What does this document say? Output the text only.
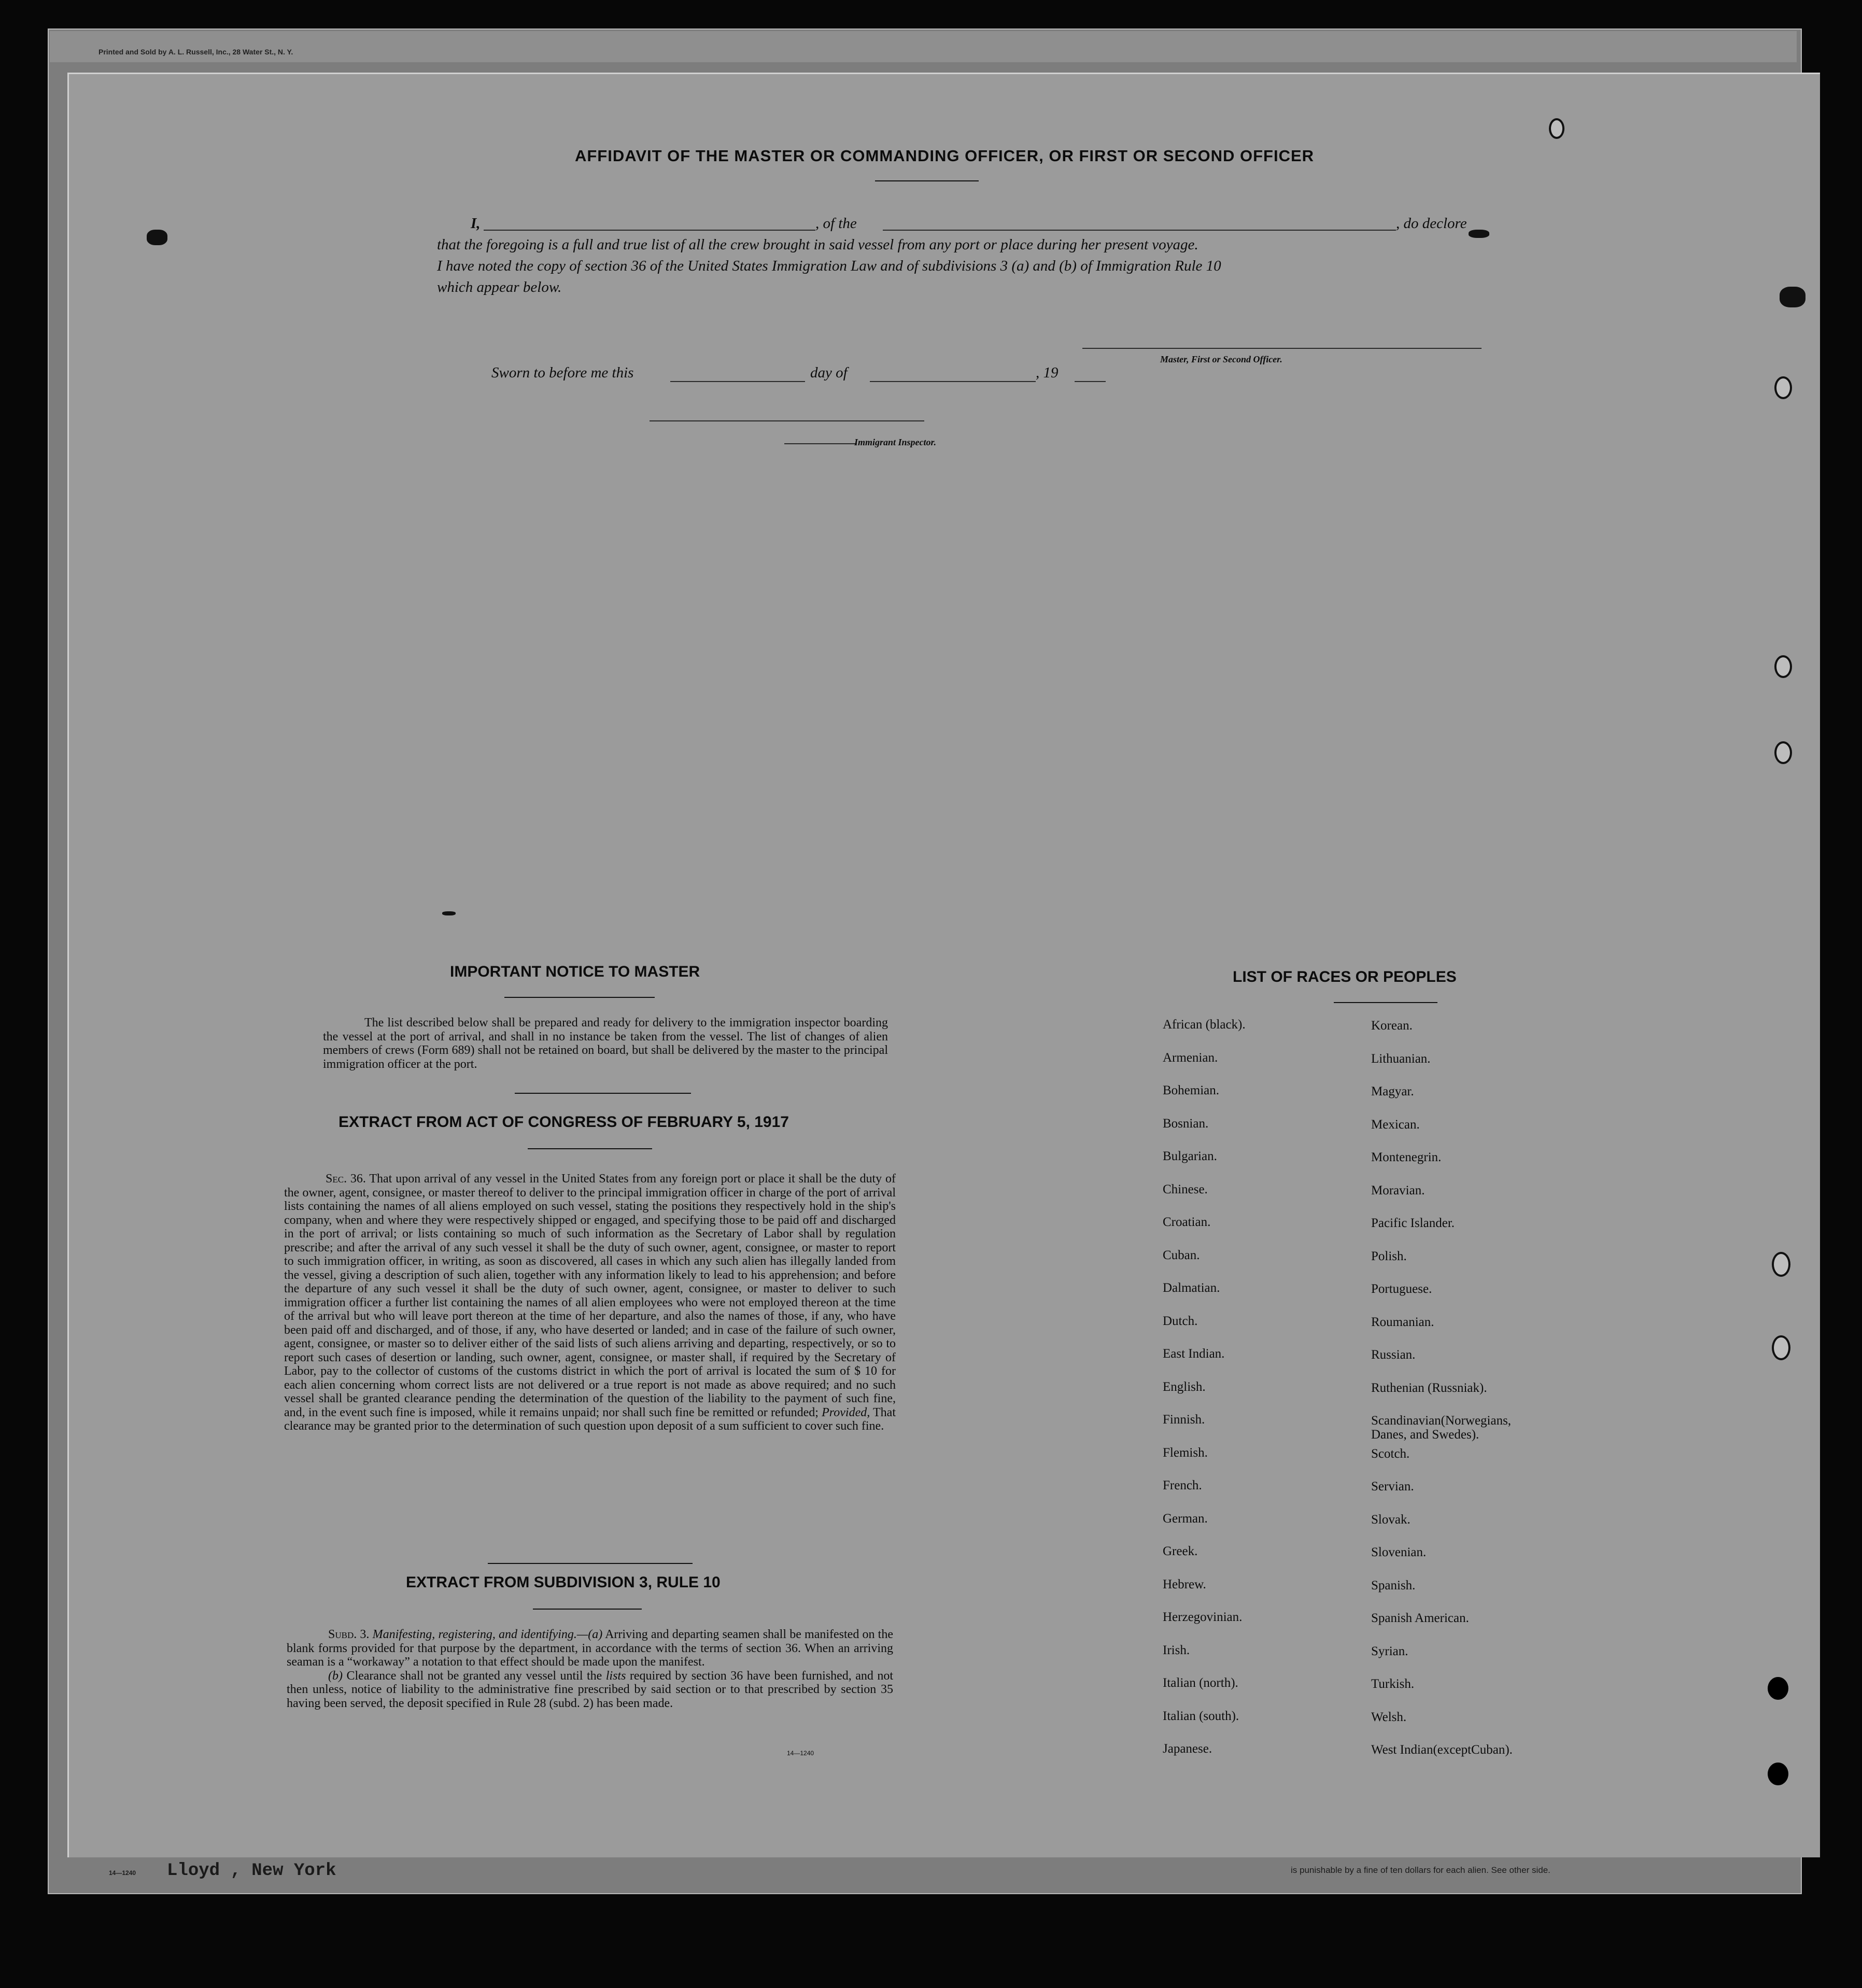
Printed and Sold by A. L. Russell, Inc., 28 Water St., N. Y.
AFFIDAVIT OF THE MASTER OR COMMANDING OFFICER, OR FIRST OR SECOND OFFICER
I,	, of the	, do declore
that the foregoing is a full and true list of all the crew brought in said vessel from any port or place during her present voyage.
I have noted the copy of section 36 of the United States Immigration Law and of subdivisions 3 (a) and (b) of Immigration Rule 10
which appear below.
Master, First or Second Officer.
Sworn to before me this	day of	, 19
Immigrant Inspector.
IMPORTANT NOTICE TO MASTER

The list described below shall be prepared and ready for delivery to the immigration inspector boarding the vessel at the port of arrival, and shall in no instance be taken from the vessel. The list of changes of alien members of crews (Form 689) shall not be retained on board, but shall be delivered by the master to the principal immigration officer at the port.

EXTRACT FROM ACT OF CONGRESS OF FEBRUARY 5, 1917

Sec. 36. That upon arrival of any vessel in the United States from any foreign port or place it shall be the duty of the owner, agent, consignee, or master thereof to deliver to the principal immigration officer in charge of the port of arrival lists containing the names of all aliens employed on such vessel, stating the positions they respectively hold in the ship's company, when and where they were respectively shipped or engaged, and specifying those to be paid off and discharged in the port of arrival; or lists containing so much of such information as the Secretary of Labor shall by regulation prescribe; and after the arrival of any such vessel it shall be the duty of such owner, agent, consignee, or master to report to such immigration officer, in writing, as soon as discovered, all cases in which any such alien has illegally landed from the vessel, giving a description of such alien, together with any information likely to lead to his apprehension; and before the departure of any such vessel it shall be the duty of such owner, agent, consignee, or master to deliver to such immigration officer a further list containing the names of all alien employees who were not employed thereon at the time of the arrival but who will leave port thereon at the time of her departure, and also the names of those, if any, who have been paid off and discharged, and of those, if any, who have deserted or landed; and in case of the failure of such owner, agent, consignee, or master so to deliver either of the said lists of such aliens arriving and departing, respectively, or so to report such cases of desertion or landing, such owner, agent, consignee, or master shall, if required by the Secretary of Labor, pay to the collector of customs of the customs district in which the port of arrival is located the sum of $ 10 for each alien concerning whom correct lists are not delivered or a true report is not made as above required; and no such vessel shall be granted clearance pending the determination of the question of the liability to the payment of such fine, and, in the event such fine is imposed, while it remains unpaid; nor shall such fine be remitted or refunded; Provided, That clearance may be granted prior to the determination of such question upon deposit of a sum sufficient to cover such fine.

EXTRACT FROM SUBDIVISION 3, RULE 10

Subd. 3. Manifesting, registering, and identifying.—(a) Arriving and departing seamen shall be manifested on the blank forms provided for that purpose by the department, in accordance with the terms of section 36. When an arriving seaman is a “workaway” a notation to that effect should be made upon the manifest.

(b) Clearance shall not be granted any vessel until the lists required by section 36 have been furnished, and not then unless, notice of liability to the administrative fine prescribed by said section or to that prescribed by section 35 having been served, the deposit specified in Rule 28 (subd. 2) has been made.

14—1240
LIST OF RACES OR PEOPLES
African (black).
Armenian.
Bohemian.
Bosnian.
Bulgarian.
Chinese.
Croatian.
Cuban.
Dalmatian.
Dutch.
East Indian.
English.
Finnish.
Flemish.
French.
German.
Greek.
Hebrew.
Herzegovinian.
Irish.
Italian (north).
Italian (south).
Japanese.
Korean.
Lithuanian.
Magyar.
Mexican.
Montenegrin.
Moravian.
Pacific Islander.
Polish.
Portuguese.
Roumanian.
Russian.
Ruthenian (Russniak).
Scandinavian(Norwegians,
Danes, and Swedes).
Scotch.
Servian.
Slovak.
Slovenian.
Spanish.
Spanish American.
Syrian.
Turkish.
Welsh.
West Indian(exceptCuban).
14—1240 Lloyd , New York	is punishable by a fine of ten dollars for each alien. See other side.
